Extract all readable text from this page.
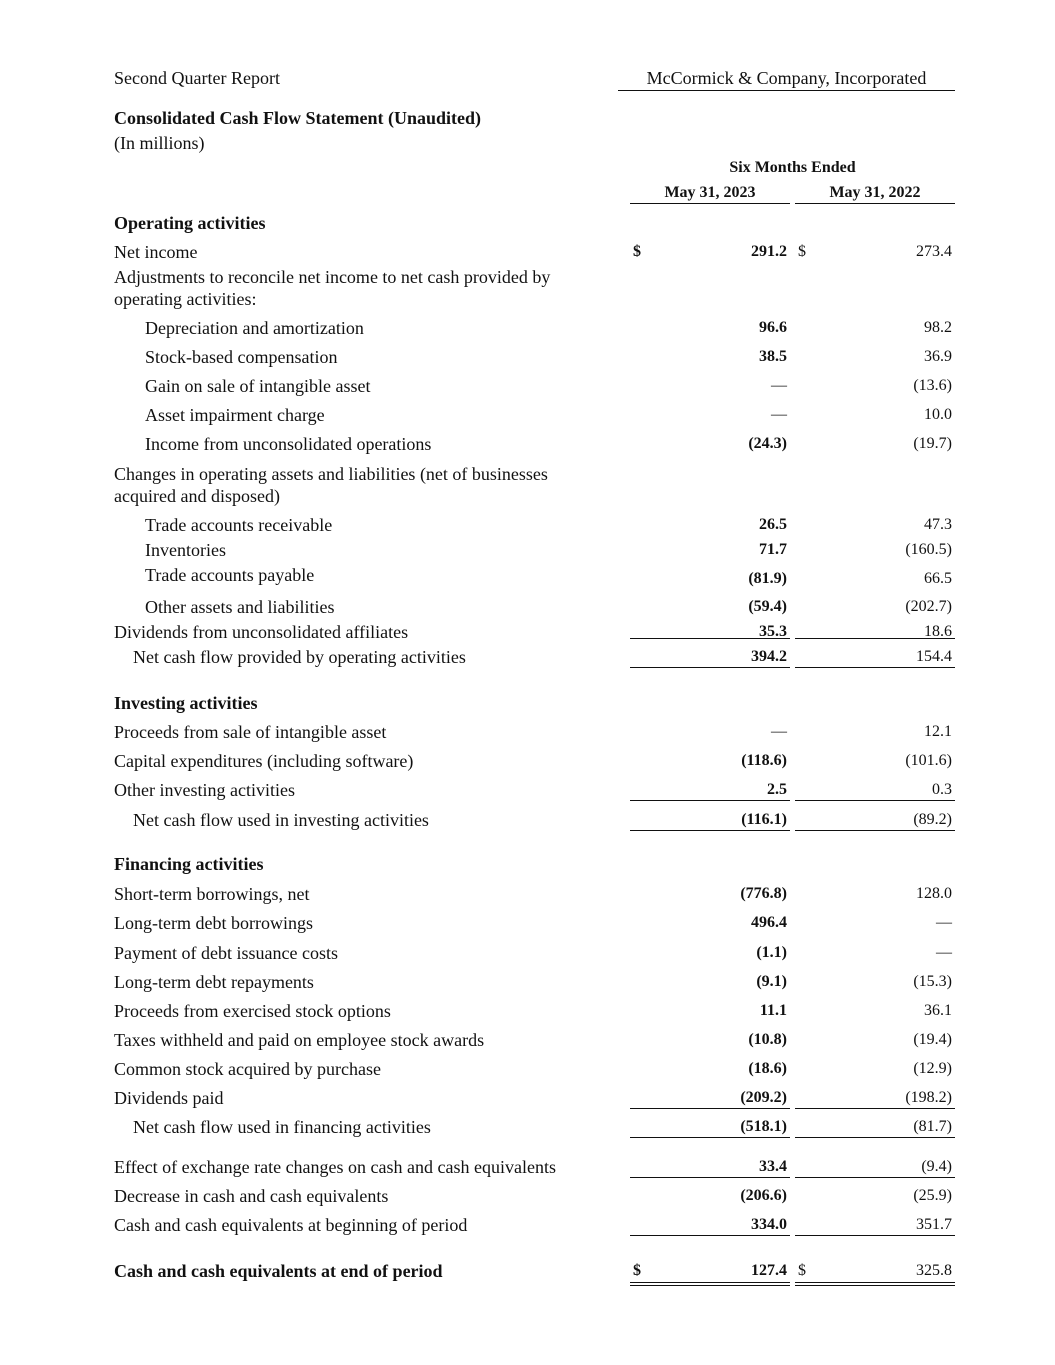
Second Quarter Report	McCormick & Company, Incorporated
Consolidated Cash Flow Statement (Unaudited)
(In millions)
Six Months Ended
May 31, 2023	May 31, 2022
Operating activities
Net income	$	291.2 $	273.4
Adjustments to reconcile net income to net cash provided by operating activities:
Depreciation and amortization	96.6	98.2
Stock-based compensation	38.5	36.9
Gain on sale of intangible asset	—	(13.6)
Asset impairment charge	—	10.0
Income from unconsolidated operations	(24.3)	(19.7)
Changes in operating assets and liabilities (net of businesses acquired and disposed)
Trade accounts receivable	26.5	47.3
Inventories	71.7	(160.5)
Trade accounts payable	(81.9)	66.5
Other assets and liabilities	(59.4)	(202.7)
Dividends from unconsolidated affiliates	35.3	18.6
Net cash flow provided by operating activities	394.2	154.4
Investing activities
Proceeds from sale of intangible asset	—	12.1
Capital expenditures (including software)	(118.6)	(101.6)
Other investing activities	2.5	0.3
Net cash flow used in investing activities	(116.1)	(89.2)
Financing activities
Short-term borrowings, net	(776.8)	128.0
Long-term debt borrowings	496.4	—
Payment of debt issuance costs	(1.1)	—
Long-term debt repayments	(9.1)	(15.3)
Proceeds from exercised stock options	11.1	36.1
Taxes withheld and paid on employee stock awards	(10.8)	(19.4)
Common stock acquired by purchase	(18.6)	(12.9)
Dividends paid	(209.2)	(198.2)
Net cash flow used in financing activities	(518.1)	(81.7)
Effect of exchange rate changes on cash and cash equivalents	33.4	(9.4)
Decrease in cash and cash equivalents	(206.6)	(25.9)
Cash and cash equivalents at beginning of period	334.0	351.7
Cash and cash equivalents at end of period	$	127.4 $	325.8
